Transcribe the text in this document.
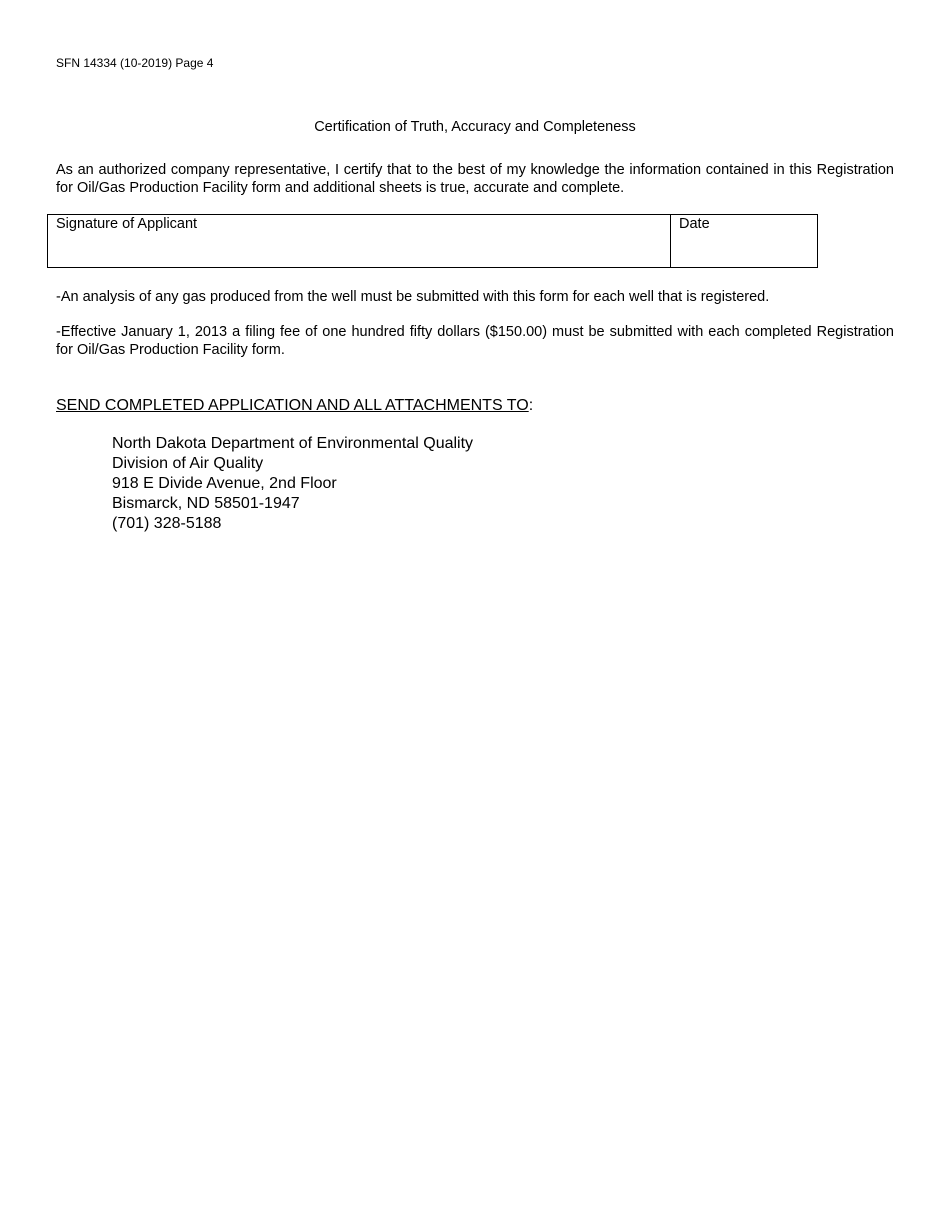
SFN 14334 (10-2019) Page 4
Certification of Truth, Accuracy and Completeness
As an authorized company representative, I certify that to the best of my knowledge the information contained in this Registration for Oil/Gas Production Facility form and additional sheets is true, accurate and complete.
Signature of Applicant	Date
-An analysis of any gas produced from the well must be submitted with this form for each well that is registered.
-Effective January 1, 2013 a filing fee of one hundred fifty dollars ($150.00) must be submitted with each completed Registration for Oil/Gas Production Facility form.
SEND COMPLETED APPLICATION AND ALL ATTACHMENTS TO:
North Dakota Department of Environmental Quality
Division of Air Quality
918 E Divide Avenue, 2nd Floor
Bismarck, ND 58501-1947
(701) 328-5188
